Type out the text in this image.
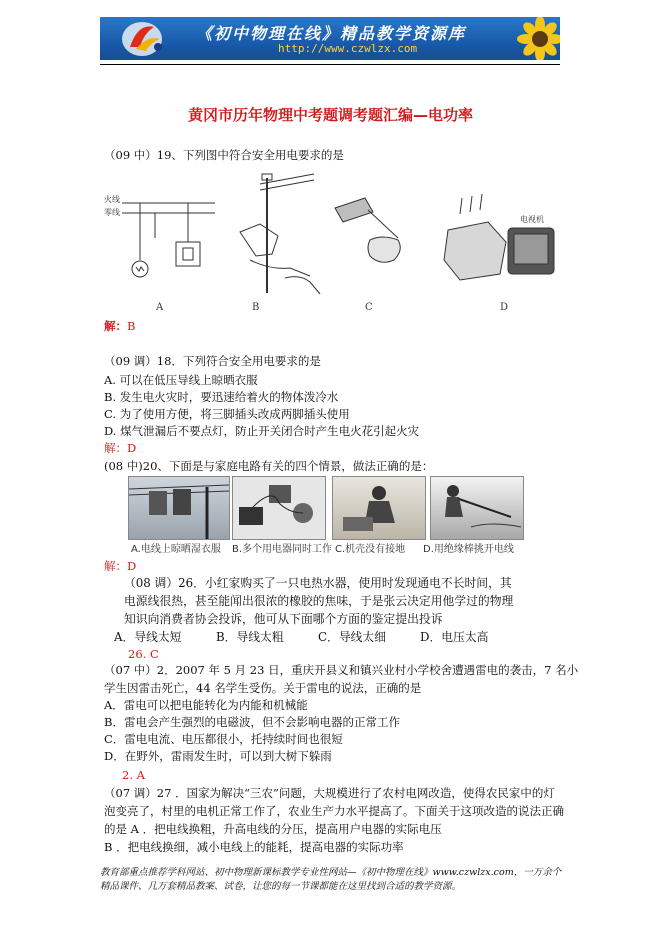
《初中物理在线》精品教学资源库
http://www.czwlzx.com
黄冈市历年物理中考题调考题汇编—电功率
（09 中）19、下列图中符合安全用电要求的是
火线
零线
电视机
A	B	C	D
解：B
（09 调）18．下列符合安全用电要求的是
A. 可以在低压导线上晾晒衣服
B. 发生电火灾时，要迅速给着火的物体泼冷水
C. 为了使用方便，将三脚插头改成两脚插头使用
D. 煤气泄漏后不要点灯，防止开关闭合时产生电火花引起火灾
解：D
(08 中)20、下面是与家庭电路有关的四个情景，做法正确的是：
A.电线上晾晒湿衣服 B.多个用电器同时工作 C.机壳没有接地 D.用绝缘棒挑开电线
解：D
（08 调）26．小红家购买了一只电热水器，使用时发现通电不长时间，其
电源线很热，甚至能闻出很浓的橡胶的焦味，于是张云决定用他学过的物理
知识向消费者协会投诉，他可从下面哪个方面的鉴定提出投诉
A．导线太短	B．导线太粗	C．导线太细	D．电压太高
26. C
（07 中）2．2007 年 5 月 23 日，重庆开县义和镇兴业村小学校舍遭遇雷电的袭击，7 名小
学生因雷击死亡，44 名学生受伤。关于雷电的说法，正确的是
A．雷电可以把电能转化为内能和机械能
B．雷电会产生强烈的电磁波，但不会影响电器的正常工作
C．雷电电流、电压都很小，托持续时间也很短
D．在野外，雷雨发生时，可以到大树下躲雨
2. A
（07 调）27 ．国家为解决“三农”问题，大规模进行了农村电网改造，使得农民家中的灯
泡变亮了，村里的电机正常工作了，农业生产力水平提高了。下面关于这项改造的说法正确
的是 A ．把电线换粗，升高电线的分压，提高用户电器的实际电压
B ．把电线换细，减小电线上的能耗，提高电器的实际功率
教育部重点推荐学科网站、初中物理新课标教学专业性网站—《初中物理在线》www.czwlzx.com，一万余个精品课件、几万套精品教案、试卷，让您的每一节课都能在这里找到合适的教学资源。
